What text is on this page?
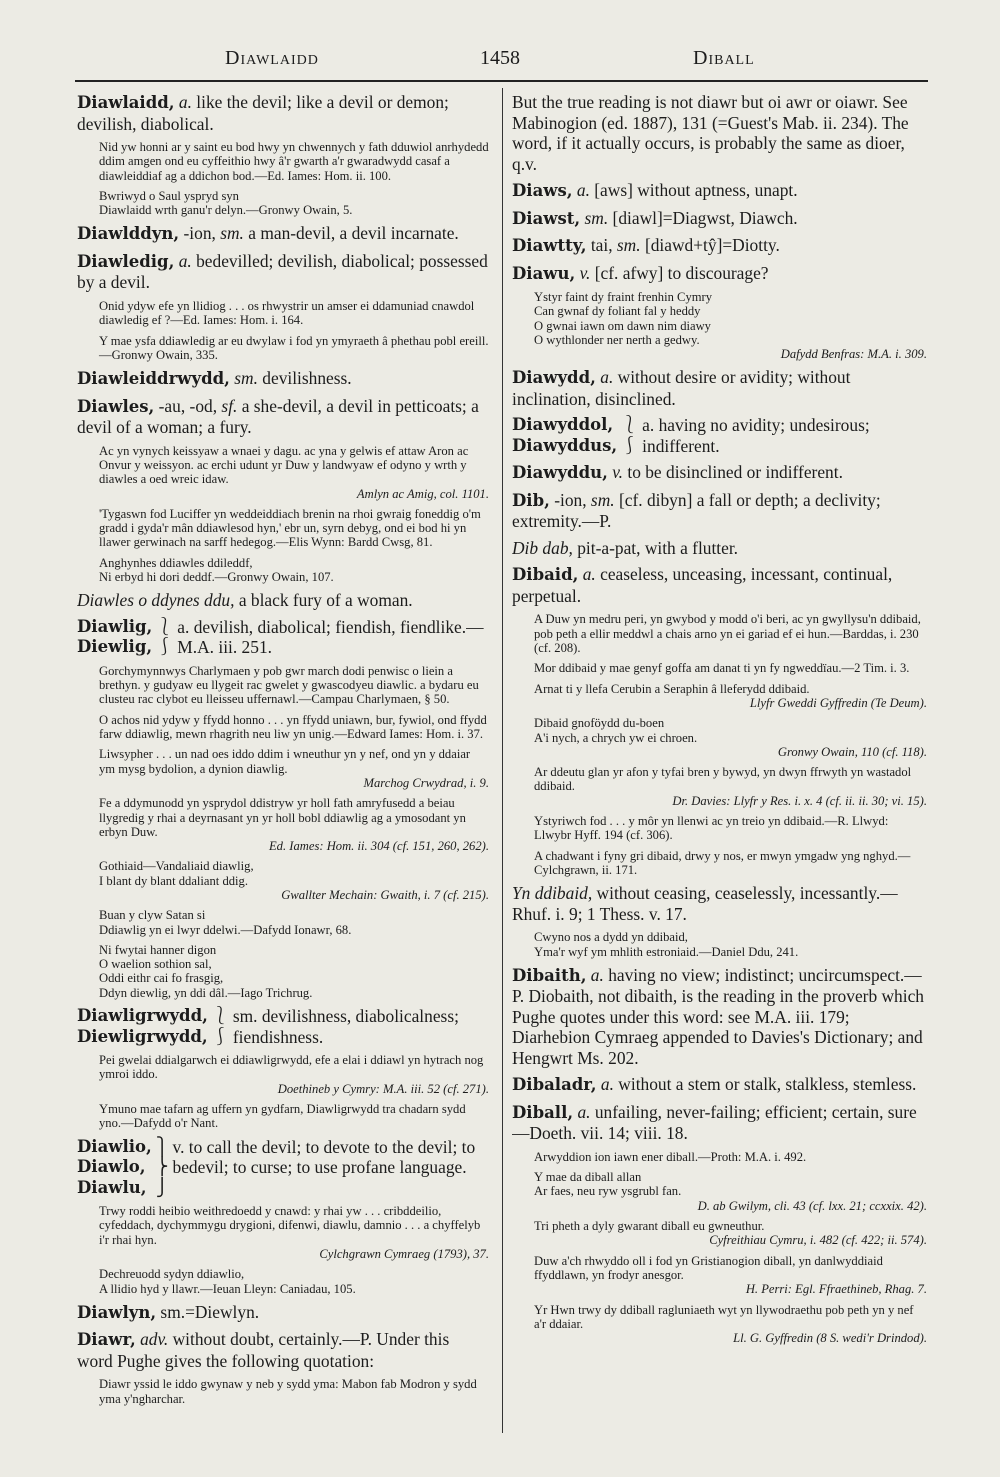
Diawlaidd	1458	Diball

Diawlaidd, a. like the devil; like a devil or demon; devilish, diabolical.

Nid yw honni ar y saint eu bod hwy yn chwennych y fath dduwiol anrhydedd ddim amgen ond eu cyffeithio hwy â'r gwarth a'r gwaradwydd casaf a diawleiddiaf ag a ddichon bod.—Ed. Iames: Hom. ii. 100.
Bwriwyd o Saul yspryd syn
Diawlaidd wrth ganu'r delyn.—Gronwy Owain, 5.

Diawlddyn, -ion, sm. a man-devil, a devil incarnate.

Diawledig, a. bedevilled; devilish, diabolical; possessed by a devil.

Onid ydyw efe yn llidiog . . . os rhwystrir un amser ei ddamuniad cnawdol diawledig ef ?—Ed. Iames: Hom. i. 164.
Y mae ysfa ddiawledig ar eu dwylaw i fod yn ymyraeth â phethau pobl ereill.—Gronwy Owain, 335.

Diawleiddrwydd, sm. devilishness.

Diawles, -au, -od, sf. a she-devil, a devil in petticoats; a devil of a woman; a fury.

Ac yn vynych keissyaw a wnaei y dagu. ac yna y gelwis ef attaw Aron ac Onvur y weissyon. ac erchi udunt yr Duw y landwyaw ef odyno y wrth y diawles a oed wreic idaw.
Amlyn ac Amig, col. 1101.
'Tygaswn fod Luciffer yn weddeiddiach brenin na rhoi gwraig foneddig o'm gradd i gyda'r mân ddiawlesod hyn,' ebr un, syrn debyg, ond ei bod hi yn llawer gerwinach na sarff hedegog.—Elis Wynn: Bardd Cwsg, 81.
Anghynhes ddiawles ddileddf,
Ni erbyd hi dori deddf.—Gronwy Owain, 107.

Diawles o ddynes ddu, a black fury of a woman.

Diawlig,
Diewlig,
⎱
⎰
a. devilish, diabolical; fiendish, fiendlike.—M.A. iii. 251.
Gorchymynnwys Charlymaen y pob gwr march dodi penwisc o liein a brethyn. y gudyaw eu llygeit rac gwelet y gwascodyeu diawlic. a bydaru eu clusteu rac clybot eu lleisseu uffernawl.—Campau Charlymaen, § 50.
O achos nid ydyw y ffydd honno . . . yn ffydd uniawn, bur, fywiol, ond ffydd farw ddiawlig, mewn rhagrith neu liw yn unig.—Edward Iames: Hom. i. 37.
Liwsypher . . . un nad oes iddo ddim i wneuthur yn y nef, ond yn y ddaiar ym mysg bydolion, a dynion diawlig.
Marchog Crwydrad, i. 9.
Fe a ddymunodd yn ysprydol ddistryw yr holl fath amryfusedd a beiau llygredig y rhai a deyrnasant yn yr holl bobl ddiawlig ag a ymosodant yn erbyn Duw.
Ed. Iames: Hom. ii. 304 (cf. 151, 260, 262).
Gothiaid—Vandaliaid diawlig,
I blant dy blant ddaliant ddig.
Gwallter Mechain: Gwaith, i. 7 (cf. 215).
Buan y clyw Satan si
Ddiawlig yn ei lwyr ddelwi.—Dafydd Ionawr, 68.
Ni fwytai hanner digon
O waelion sothion sal,
Oddi eithr cai fo frasgig,
Ddyn diewlig, yn ddi dâl.—Iago Trichrug.
Diawligrwydd,
Diewligrwydd,
⎱
⎰
sm. devilishness, diabolicalness; fiendishness.
Pei gwelai ddialgarwch ei ddiawligrwydd, efe a elai i ddiawl yn hytrach nog ymroi iddo.
Doethineb y Cymry: M.A. iii. 52 (cf. 271).
Ymuno mae tafarn ag uffern yn gydfarn, Diawligrwydd tra chadarn sydd yno.—Dafydd o'r Nant.
Diawlio,
Diawlo,
Diawlu,
⎫
⎬
⎭
v. to call the devil; to devote to the devil; to bedevil; to curse; to use profane language.
Trwy roddi heibio weithredoedd y cnawd: y rhai yw . . . cribddeilio, cyfeddach, dychymmygu drygioni, difenwi, diawlu, damnio . . . a chyffelyb i'r rhai hyn.
Cylchgrawn Cymraeg (1793), 37.
Dechreuodd sydyn ddiawlio,
A llidio hyd y llawr.—Ieuan Lleyn: Caniadau, 105.

Diawlyn, sm.=Diewlyn.

Diawr, adv. without doubt, certainly.—P. Under this word Pughe gives the following quotation:

Diawr yssid le iddo gwynaw y neb y sydd yma: Mabon fab Modron y sydd yma y'ngharchar.

But the true reading is not diawr but oi awr or oiawr. See Mabinogion (ed. 1887), 131 (=Guest's Mab. ii. 234). The word, if it actually occurs, is probably the same as dioer, q.v.

Diaws, a. [aws] without aptness, unapt.

Diawst, sm. [diawl]=Diagwst, Diawch.

Diawtty, tai, sm. [diawd+tŷ]=Diotty.

Diawu, v. [cf. afwy] to discourage?

Ystyr faint dy fraint frenhin Cymry
Can gwnaf dy foliant fal y heddy
O gwnai iawn om dawn nim diawy
O wythlonder ner nerth a gedwy.
Dafydd Benfras: M.A. i. 309.

Diawydd, a. without desire or avidity; without inclination, disinclined.

Diawyddol,
Diawyddus,
⎱
⎰
a. having no avidity; undesirous; indifferent.

Diawyddu, v. to be disinclined or indifferent.

Dib, -ion, sm. [cf. dibyn] a fall or depth; a declivity; extremity.—P.

Dib dab, pit-a-pat, with a flutter.

Dibaid, a. ceaseless, unceasing, incessant, continual, perpetual.

A Duw yn medru peri, yn gwybod y modd o'i beri, ac yn gwyllysu'n ddibaid, pob peth a ellir meddwl a chais arno yn ei gariad ef ei hun.—Barddas, i. 230 (cf. 208).
Mor ddibaid y mae genyf goffa am danat ti yn fy ngweddïau.—2 Tim. i. 3.
Arnat ti y llefa Cerubin a Seraphin â lleferydd ddibaid.
Llyfr Gweddi Gyffredin (Te Deum).
Dibaid gnoföydd du-boen
A'i nych, a chrych yw ei chroen.
Gronwy Owain, 110 (cf. 118).
Ar ddeutu glan yr afon y tyfai bren y bywyd, yn dwyn ffrwyth yn wastadol ddibaid.
Dr. Davies: Llyfr y Res. i. x. 4 (cf. ii. ii. 30; vi. 15).
Ystyriwch fod . . . y môr yn llenwi ac yn treio yn ddibaid.—R. Llwyd: Llwybr Hyff. 194 (cf. 306).
A chadwant i fyny gri dibaid, drwy y nos, er mwyn ymgadw yng nghyd.—Cylchgrawn, ii. 171.

Yn ddibaid, without ceasing, ceaselessly, incessantly.—Rhuf. i. 9; 1 Thess. v. 17.

Cwyno nos a dydd yn ddibaid,
Yma'r wyf ym mhlith estroniaid.—Daniel Ddu, 241.

Dibaith, a. having no view; indistinct; uncircumspect.—P. Diobaith, not dibaith, is the reading in the proverb which Pughe quotes under this word: see M.A. iii. 179; Diarhebion Cymraeg appended to Davies's Dictionary; and Hengwrt Ms. 202.

Dibaladr, a. without a stem or stalk, stalkless, stemless.

Diball, a. unfailing, never-failing; efficient; certain, sure—Doeth. vii. 14; viii. 18.

Arwyddion ion iawn ener diball.—Proth: M.A. i. 492.
Y mae da diball allan
Ar faes, neu ryw ysgrubl fan.
D. ab Gwilym, cli. 43 (cf. lxx. 21; ccxxix. 42).
Tri pheth a dyly gwarant diball eu gwneuthur.
Cyfreithiau Cymru, i. 482 (cf. 422; ii. 574).
Duw a'ch rhwyddo oll i fod yn Gristianogion diball, yn danlwyddiaid ffyddlawn, yn frodyr anesgor.
H. Perri: Egl. Ffraethineb, Rhag. 7.
Yr Hwn trwy dy ddiball ragluniaeth wyt yn llywodraethu pob peth yn y nef a'r ddaiar.
Ll. G. Gyffredin (8 S. wedi'r Drindod).
